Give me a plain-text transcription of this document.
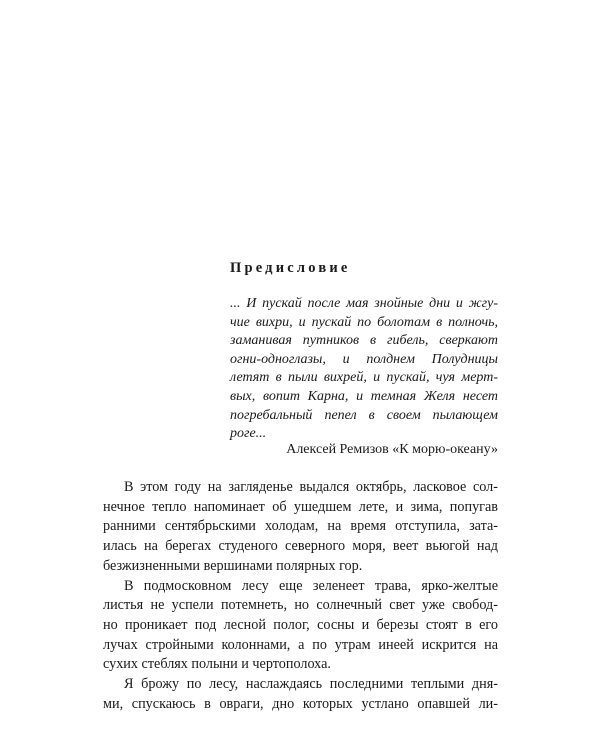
Предисловие
... И пускай после мая знойные дни и жгу-
чие вихри, и пускай по болотам в полночь,
заманивая путников в гибель, сверкают
огни-одноглазы, и полднем Полудницы
летят в пыли вихрей, и пускай, чуя мерт-
вых, вопит Карна, и темная Желя несет
погребальный пепел в своем пылающем
роге...
Алексей Ремизов «К морю-океану»
В этом году на загляденье выдался октябрь, ласковое сол-
нечное тепло напоминает об ушедшем лете, и зима, попугав
ранними сентябрьскими холодам, на время отступила, зата-
илась на берегах студеного северного моря, веет вьюгой над
безжизненными вершинами полярных гор.
В подмосковном лесу еще зеленеет трава, ярко-желтые
листья не успели потемнеть, но солнечный свет уже свобод-
но проникает под лесной полог, сосны и березы стоят в его
лучах стройными колоннами, а по утрам инеей искрится на
сухих стеблях полыни и чертополоха.
Я брожу по лесу, наслаждаясь последними теплыми дня-
ми, спускаюсь в овраги, дно которых устлано опавшей ли-
